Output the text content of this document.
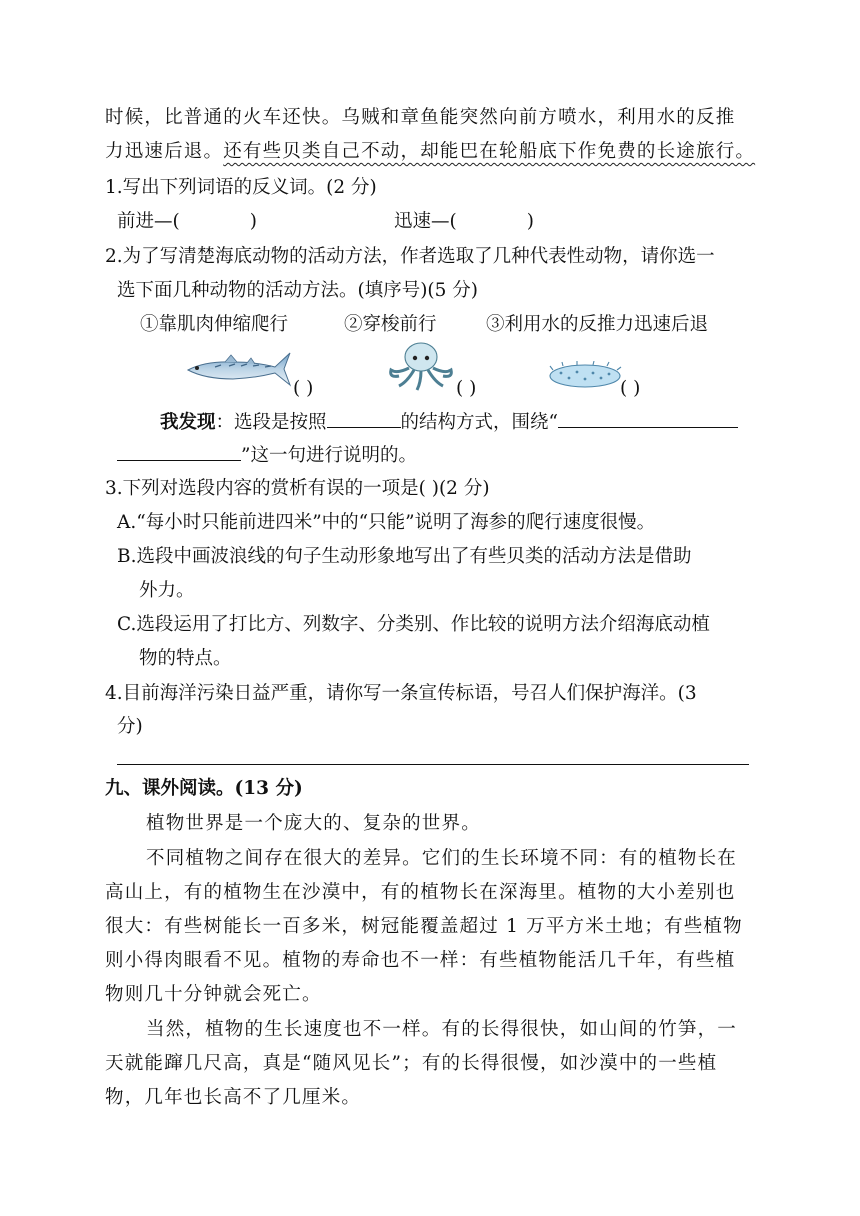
时候，比普通的火车还快。乌贼和章鱼能突然向前方喷水，利用水的反推
力迅速后退。还有些贝类自己不动，却能巴在轮船底下作免费的长途旅行。
1.写出下列词语的反义词。(2 分)
前进—(	)	迅速—(	)
2.为了写清楚海底动物的活动方法，作者选取了几种代表性动物，请你选一
选下面几种动物的活动方法。(填序号)(5 分)
①靠肌肉伸缩爬行	②穿梭前行	③利用水的反推力迅速后退
( )	( )	( )
我发现：选段是按照	的结构方式，围绕“
”这一句进行说明的。
3.下列对选段内容的赏析有误的一项是( )(2 分)
A.“每小时只能前进四米”中的“只能”说明了海参的爬行速度很慢。
B.选段中画波浪线的句子生动形象地写出了有些贝类的活动方法是借助
外力。
C.选段运用了打比方、列数字、分类别、作比较的说明方法介绍海底动植
物的特点。
4.目前海洋污染日益严重，请你写一条宣传标语，号召人们保护海洋。(3
分)
九、课外阅读。(13 分)
植物世界是一个庞大的、复杂的世界。
不同植物之间存在很大的差异。它们的生长环境不同：有的植物长在
高山上，有的植物生在沙漠中，有的植物长在深海里。植物的大小差别也
很大：有些树能长一百多米，树冠能覆盖超过 1 万平方米土地；有些植物
则小得肉眼看不见。植物的寿命也不一样：有些植物能活几千年，有些植
物则几十分钟就会死亡。
当然，植物的生长速度也不一样。有的长得很快，如山间的竹笋，一
天就能蹿几尺高，真是“随风见长”；有的长得很慢，如沙漠中的一些植
物，几年也长高不了几厘米。
